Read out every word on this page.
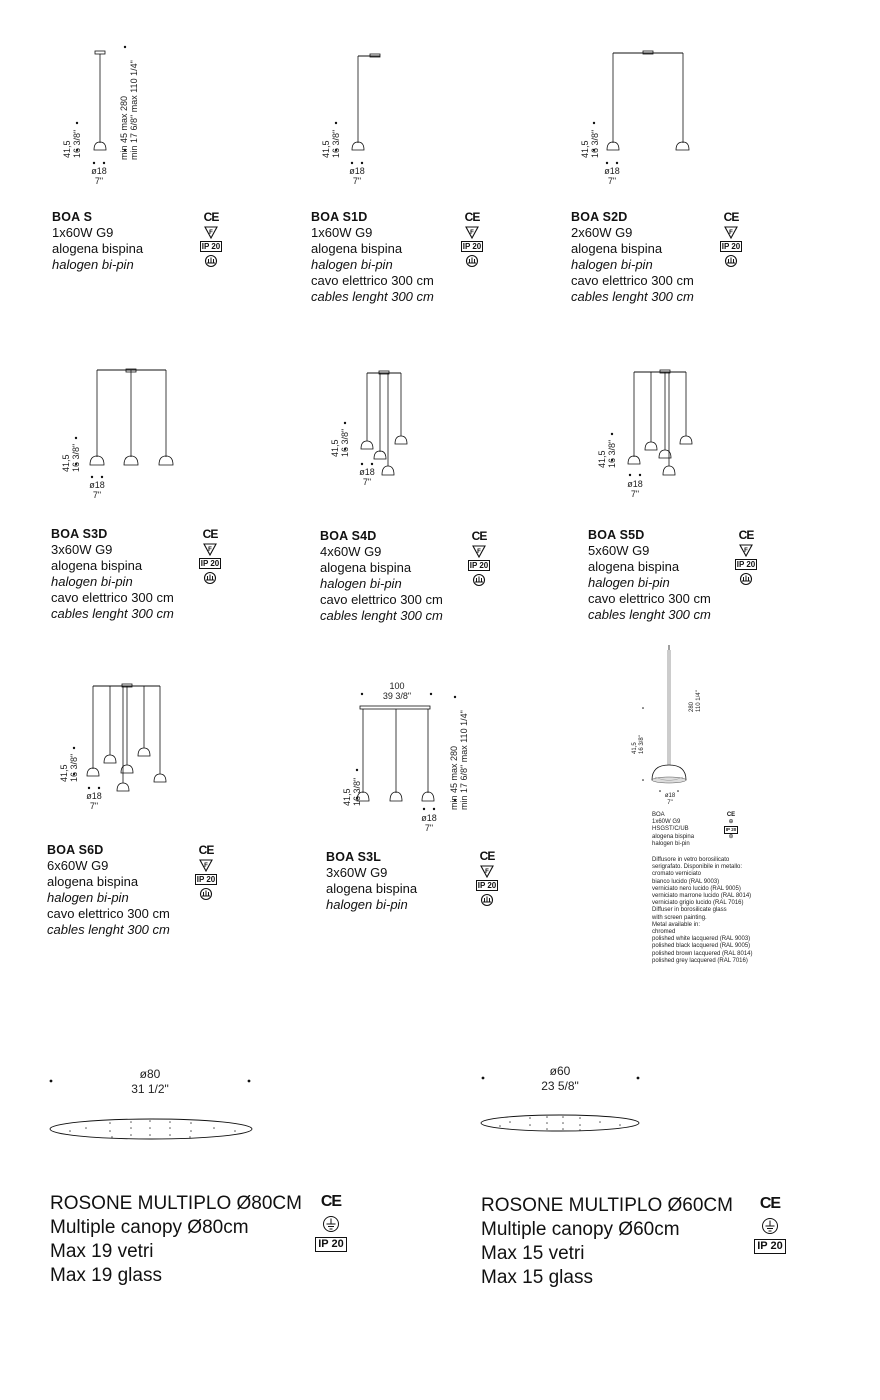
41,5
16 3/8"
ø18
7"
min 45 max 280
min 17 6/8" max 110 1/4"	41,5
16 3/8"
ø18
7"
41,5
16 3/8"
ø18
7"
41,5
16 3/8"
ø18
7"
41,5
16 3/8"
ø18
7"
41,5
16 3/8"
ø18
7"
41,5
16 3/8"
ø18
7"
100
39 3/8"
41,5
16 3/8"
ø18
7"
min 45 max 280
min 17 6/8" max 110 1/4"
BOA S
1x60W G9
alogena bispina
halogen bi-pin
BOA S1D
1x60W G9
alogena bispina
halogen bi-pin
cavo elettrico 300 cm
cables lenght 300 cm
BOA S2D
2x60W G9
alogena bispina
halogen bi-pin
cavo elettrico 300 cm
cables lenght 300 cm
BOA S3D
3x60W G9
alogena bispina
halogen bi-pin
cavo elettrico 300 cm
cables lenght 300 cm
BOA S4D
4x60W G9
alogena bispina
halogen bi-pin
cavo elettrico 300 cm
cables lenght 300 cm
BOA S5D
5x60W G9
alogena bispina
halogen bi-pin
cavo elettrico 300 cm
cables lenght 300 cm
BOA S6D
6x60W G9
alogena bispina
halogen bi-pin
cavo elettrico 300 cm
cables lenght 300 cm
BOA S3L
3x60W G9
alogena bispina
halogen bi-pin
CE
F
IP 20
CE
F
IP 20
CE
F
IP 20
CE
F
IP 20
CE
F
IP 20
CE
F
IP 20
CE
F
IP 20
CE
F
IP 20
280
110 1/4"
41,5
16 3/8"
ø18
7"
BOA
1x60W G9
HSGST/C/UB
alogena bispina
halogen bi-pin
CE
⊕
IP 20
⊛
Diffusore in vetro borosilicato
serigrafato. Disponibile in metallo:
cromato verniciato
bianco lucido (RAL 9003)
verniciato nero lucido (RAL 9005)
verniciato marrone lucido (RAL 8014)
verniciato grigio lucido (RAL 7016)
Diffuser in borosilicate glass
with screen painting.
Metal available in:
chromed
polished white lacquered (RAL 9003)
polished black lacquered (RAL 9005)
polished brown lacquered (RAL 8014)
polished grey lacquered (RAL 7016)
ø80
31 1/2"
ø60
23 5/8"
ROSONE MULTIPLO Ø80CM
Multiple canopy Ø80cm
Max 19 vetri
Max 19 glass
CE
IP 20
ROSONE MULTIPLO Ø60CM
Multiple canopy Ø60cm
Max 15 vetri
Max 15 glass
CE
IP 20
